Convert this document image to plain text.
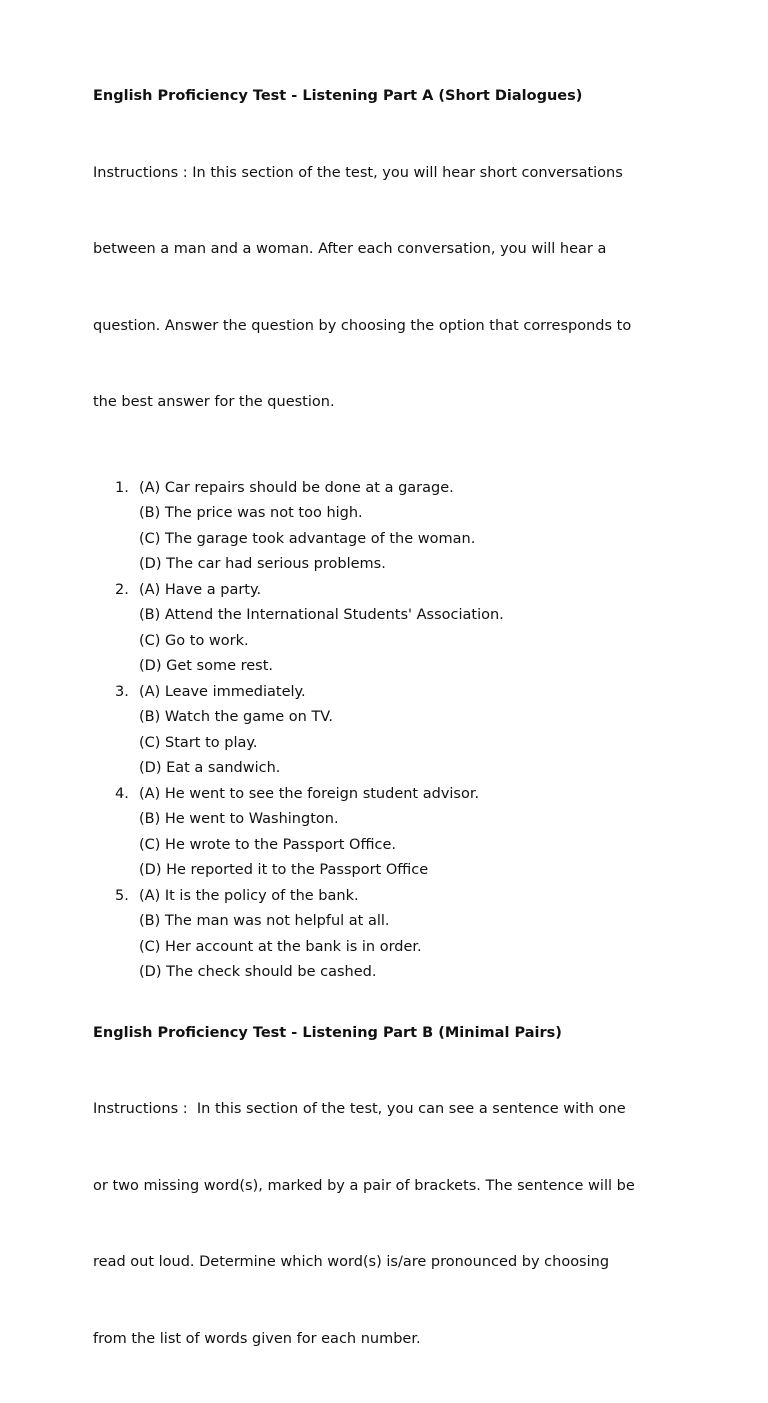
English Proficiency Test - Listening Part A (Short Dialogues)

Instructions : In this section of the test, you will hear short conversations

between a man and a woman. After each conversation, you will hear a

question. Answer the question by choosing the option that corresponds to

the best answer for the question.

1. (A) Car repairs should be done at a garage.
(B) The price was not too high.
(C) The garage took advantage of the woman.
(D) The car had serious problems.
2. (A) Have a party.
(B) Attend the International Students' Association.
(C) Go to work.
(D) Get some rest.
3. (A) Leave immediately.
(B) Watch the game on TV.
(C) Start to play.
(D) Eat a sandwich.
4. (A) He went to see the foreign student advisor.
(B) He went to Washington.
(C) He wrote to the Passport Office.
(D) He reported it to the Passport Office
5. (A) It is the policy of the bank.
(B) The man was not helpful at all.
(C) Her account at the bank is in order.
(D) The check should be cashed.

English Proficiency Test - Listening Part B (Minimal Pairs)

Instructions :  In this section of the test, you can see a sentence with one

or two missing word(s), marked by a pair of brackets. The sentence will be

read out loud. Determine which word(s) is/are pronounced by choosing

from the list of words given for each number.
